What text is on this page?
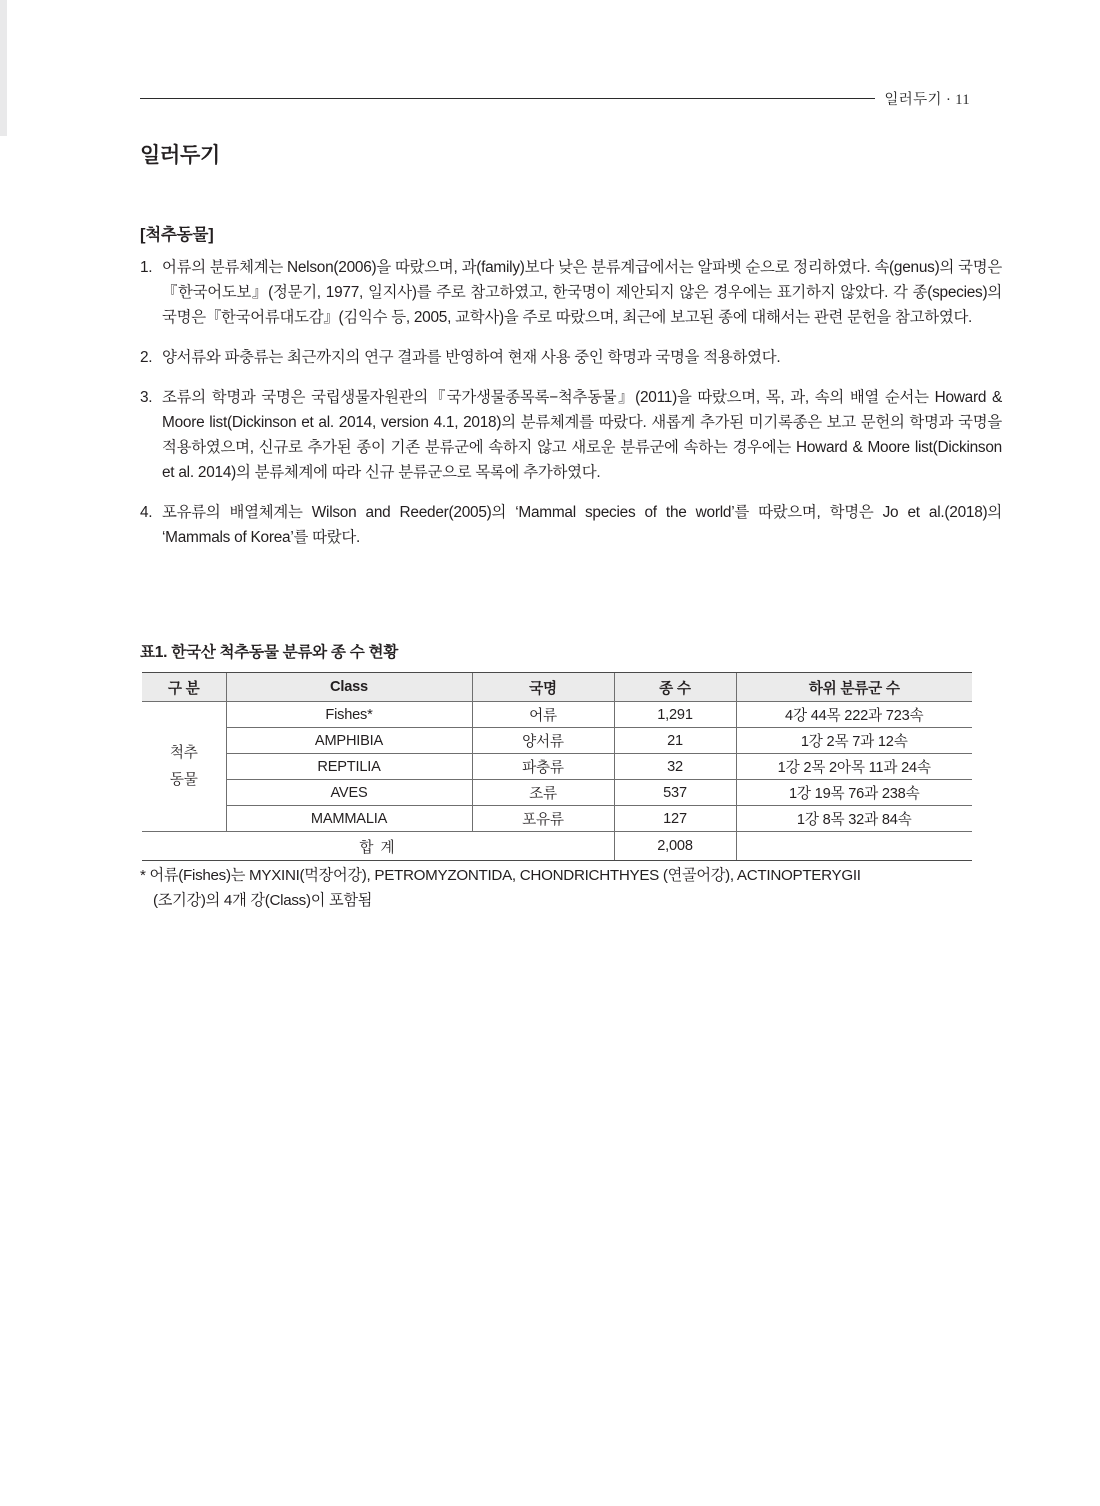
일러두기 · 11
일러두기
[척추동물]
1. 어류의 분류체계는 Nelson(2006)을 따랐으며, 과(family)보다 낮은 분류계급에서는 알파벳 순으로 정리하였다. 속(genus)의 국명은『한국어도보』(정문기, 1977, 일지사)를 주로 참고하였고, 한국명이 제안되지 않은 경우에는 표기하지 않았다. 각 종(species)의 국명은『한국어류대도감』(김익수 등, 2005, 교학사)을 주로 따랐으며, 최근에 보고된 종에 대해서는 관련 문헌을 참고하였다.
2. 양서류와 파충류는 최근까지의 연구 결과를 반영하여 현재 사용 중인 학명과 국명을 적용하였다.
3. 조류의 학명과 국명은 국립생물자원관의『국가생물종목록−척추동물』(2011)을 따랐으며, 목, 과, 속의 배열 순서는 Howard & Moore list(Dickinson et al. 2014, version 4.1, 2018)의 분류체계를 따랐다. 새롭게 추가된 미기록종은 보고 문헌의 학명과 국명을 적용하였으며, 신규로 추가된 종이 기존 분류군에 속하지 않고 새로운 분류군에 속하는 경우에는 Howard & Moore list(Dickinson et al. 2014)의 분류체계에 따라 신규 분류군으로 목록에 추가하였다.
4. 포유류의 배열체계는 Wilson and Reeder(2005)의 ‘Mammal species of the world’를 따랐으며, 학명은 Jo et al.(2018)의 ‘Mammals of Korea’를 따랐다.
표1. 한국산 척추동물 분류와 종 수 현황
구 분	Class	국명	종 수	하위 분류군 수
척추
동물	Fishes*	어류	1,291	4강 44목 222과 723속
	AMPHIBIA	양서류	21	1강 2목 7과 12속
	REPTILIA	파충류	32	1강 2목 2아목 11과 24속
	AVES	조류	537	1강 19목 76과 238속
	MAMMALIA	포유류	127	1강 8목 32과 84속
합 계			2,008	
* 어류(Fishes)는 MYXINI(먹장어강), PETROMYZONTIDA, CHONDRICHTHYES (연골어강), ACTINOPTERYGII
(조기강)의 4개 강(Class)이 포함됨
